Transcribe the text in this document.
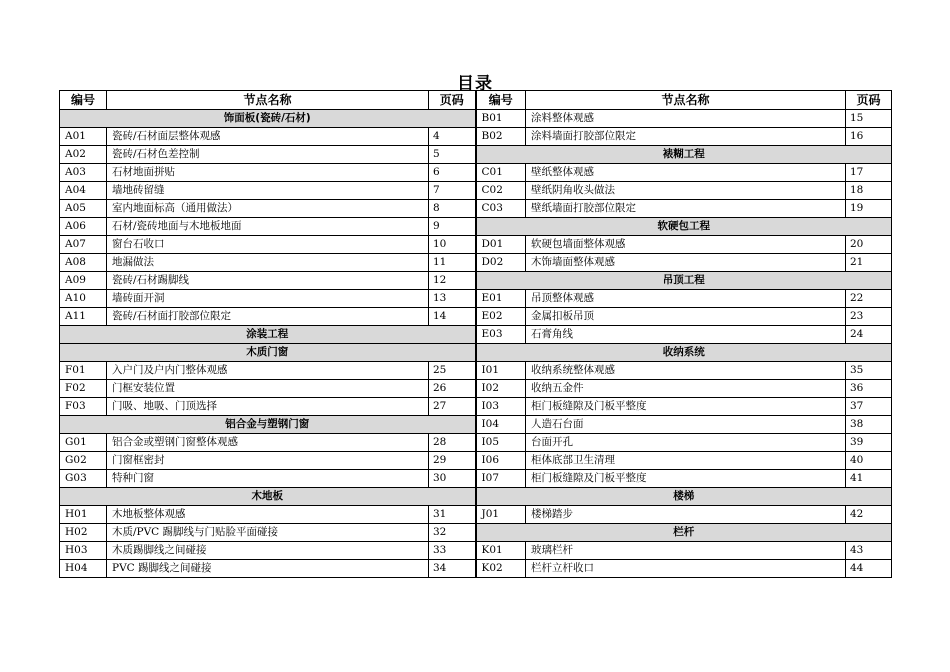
目录
编号	节点名称	页码	编号	节点名称	页码
饰面板(瓷砖/石材)			B01	涂料整体观感	15
A01	瓷砖/石材面层整体观感	4	B02	涂料墙面打胶部位限定	16
A02	瓷砖/石材色差控制	5	裱糊工程		
A03	石材地面拼贴	6	C01	壁纸整体观感	17
A04	墙地砖留缝	7	C02	壁纸阴角收头做法	18
A05	室内地面标高（通用做法）	8	C03	壁纸墙面打胶部位限定	19
A06	石材/瓷砖地面与木地板地面	9	软硬包工程		
A07	窗台石收口	10	D01	软硬包墙面整体观感	20
A08	地漏做法	11	D02	木饰墙面整体观感	21
A09	瓷砖/石材踢脚线	12	吊顶工程		
A10	墙砖面开洞	13	E01	吊顶整体观感	22
A11	瓷砖/石材面打胶部位限定	14	E02	金属扣板吊顶	23
涂装工程			E03	石膏角线	24
木质门窗			收纳系统		
F01	入户门及户内门整体观感	25	I01	收纳系统整体观感	35
F02	门框安装位置	26	I02	收纳五金件	36
F03	门吸、地吸、门顶选择	27	I03	柜门板缝隙及门板平整度	37
铝合金与塑钢门窗			I04	人造石台面	38
G01	铝合金或塑钢门窗整体观感	28	I05	台面开孔	39
G02	门窗框密封	29	I06	柜体底部卫生清理	40
G03	特种门窗	30	I07	柜门板缝隙及门板平整度	41
木地板			楼梯		
H01	木地板整体观感	31	J01	楼梯踏步	42
H02	木质/PVC 踢脚线与门贴脸平面碰接	32	栏杆		
H03	木质踢脚线之间碰接	33	K01	玻璃栏杆	43
H04	PVC 踢脚线之间碰接	34	K02	栏杆立杆收口	44
